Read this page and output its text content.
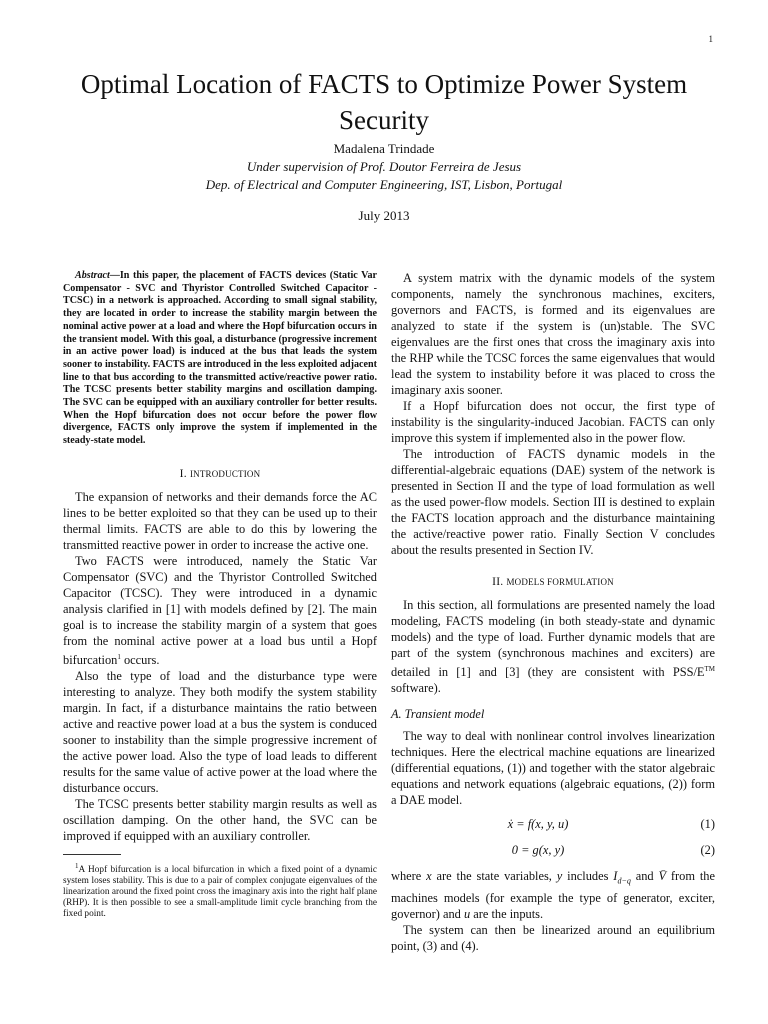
1
Optimal Location of FACTS to Optimize Power System Security
Madalena Trindade
Under supervision of Prof. Doutor Ferreira de Jesus
Dep. of Electrical and Computer Engineering, IST, Lisbon, Portugal
July 2013

Abstract—In this paper, the placement of FACTS devices (Static Var Compensator - SVC and Thyristor Controlled Switched Capacitor - TCSC) in a network is approached. According to small signal stability, they are located in order to increase the stability margin between the nominal active power at a load and where the Hopf bifurcation occurs in the transient model. With this goal, a disturbance (progressive increment in an active power load) is induced at the bus that leads the system sooner to instability. FACTS are introduced in the less exploited adjacent line to that bus according to the transmitted active/reactive power ratio. The TCSC presents better stability margins and oscillation damping. The SVC can be equipped with an auxiliary controller for better results. When the Hopf bifurcation does not occur before the power flow divergence, FACTS only improve the system if implemented in the steady-state model.

I. INTRODUCTION

The expansion of networks and their demands force the AC lines to be better exploited so that they can be used up to their thermal limits. FACTS are able to do this by lowering the transmitted reactive power in order to increase the active one.

Two FACTS were introduced, namely the Static Var Compensator (SVC) and the Thyristor Controlled Switched Capacitor (TCSC). They were introduced in a dynamic analysis clarified in [1] with models defined by [2]. The main goal is to increase the stability margin of a system that goes from the nominal active power at a load bus until a Hopf bifurcation$^1$ occurs.

Also the type of load and the disturbance type were interesting to analyze. They both modify the system stability margin. In fact, if a disturbance maintains the ratio between active and reactive power load at a bus the system is conduced sooner to instability than the simple progressive increment of the active power load. Also the type of load leads to different results for the same value of active power at the load where the disturbance occurs.

The TCSC presents better stability margin results as well as oscillation damping. On the other hand, the SVC can be improved if equipped with an auxiliary controller.

$^1$A Hopf bifurcation is a local bifurcation in which a fixed point of a dynamic system loses stability. This is due to a pair of complex conjugate eigenvalues of the linearization around the fixed point cross the imaginary axis into the right half plane (RHP). It is then possible to see a small-amplitude limit cycle branching from the fixed point.

A system matrix with the dynamic models of the system components, namely the synchronous machines, exciters, governors and FACTS, is formed and its eigenvalues are analyzed to state if the system is (un)stable. The SVC eigenvalues are the first ones that cross the imaginary axis into the RHP while the TCSC forces the same eigenvalues that would lead the system to instability before it was placed to cross the imaginary axis sooner.

If a Hopf bifurcation does not occur, the first type of instability is the singularity-induced Jacobian. FACTS can only improve this system if implemented also in the power flow.

The introduction of FACTS dynamic models in the differential-algebraic equations (DAE) system of the network is presented in Section II and the type of load formulation as well as the used power-flow models. Section III is destined to explain the FACTS location approach and the disturbance maintaining the active/reactive power ratio. Finally Section V concludes about the results presented in Section IV.

II. MODELS FORMULATION

In this section, all formulations are presented namely the load modeling, FACTS modeling (in both steady-state and dynamic models) and the type of load. Further dynamic models that are part of the system (synchronous machines and exciters) are detailed in [1] and [3] (they are consistent with PSS/E™ software).

A. Transient model

The way to deal with nonlinear control involves linearization techniques. Here the electrical machine equations are linearized (differential equations, (1)) and together with the stator algebraic equations and network equations (algebraic equations, (2)) form a DAE model.

ẋ = f(x, y, u)	(1)
0 = g(x, y)	(2)

where x are the state variables, y includes $I_{d-q}$ and V̄ from the machines models (for example the type of generator, exciter, governor) and u are the inputs.

The system can then be linearized around an equilibrium point, (3) and (4).
